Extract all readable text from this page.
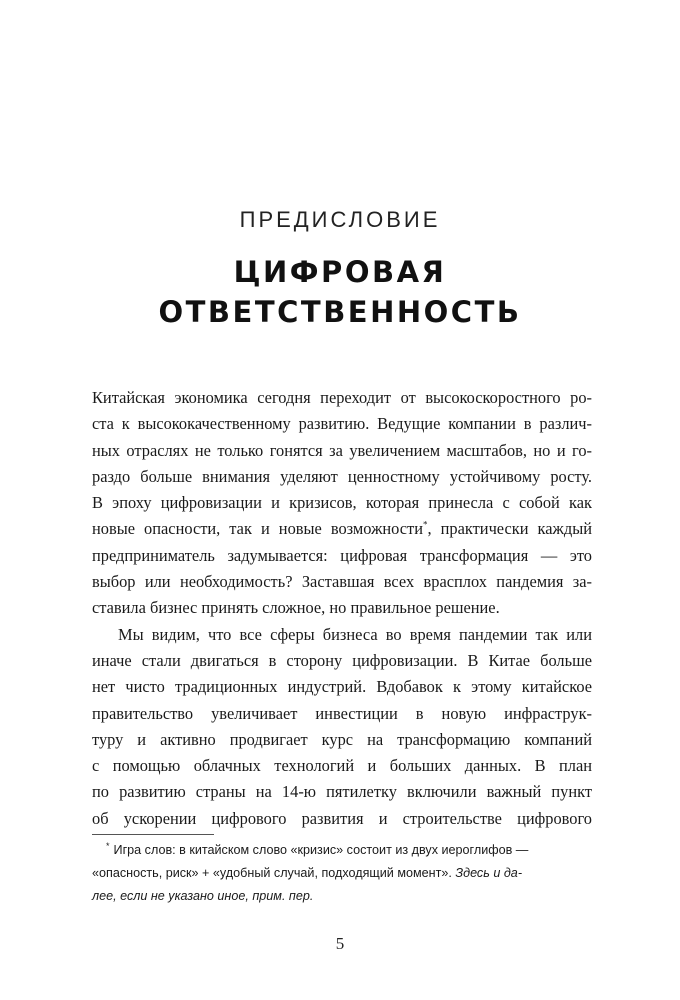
ПРЕДИСЛОВИЕ
ЦИФРОВАЯ
ОТВЕТСТВЕННОСТЬ
Китайская экономика сегодня переходит от высокоскоростного ро-
ста к высококачественному развитию. Ведущие компании в различ-
ных отраслях не только гонятся за увеличением масштабов, но и го-
раздо больше внимания уделяют ценностному устойчивому росту.
В эпоху цифровизации и кризисов, которая принесла с собой как
новые опасности, так и новые возможности*, практически каждый
предприниматель задумывается: цифровая трансформация — это
выбор или необходимость? Заставшая всех врасплох пандемия за-
ставила бизнес принять сложное, но правильное решение.
Мы видим, что все сферы бизнеса во время пандемии так или
иначе стали двигаться в сторону цифровизации. В Китае больше
нет чисто традиционных индустрий. Вдобавок к этому китайское
правительство увеличивает инвестиции в новую инфраструк-
туру и активно продвигает курс на трансформацию компаний
с помощью облачных технологий и больших данных. В план
по развитию страны на 14-ю пятилетку включили важный пункт
об ускорении цифрового развития и строительстве цифрового
* Игра слов: в китайском слово «кризис» состоит из двух иероглифов —
«опасность, риск» + «удобный случай, подходящий момент». Здесь и да-
лее, если не указано иное, прим. пер.
5
